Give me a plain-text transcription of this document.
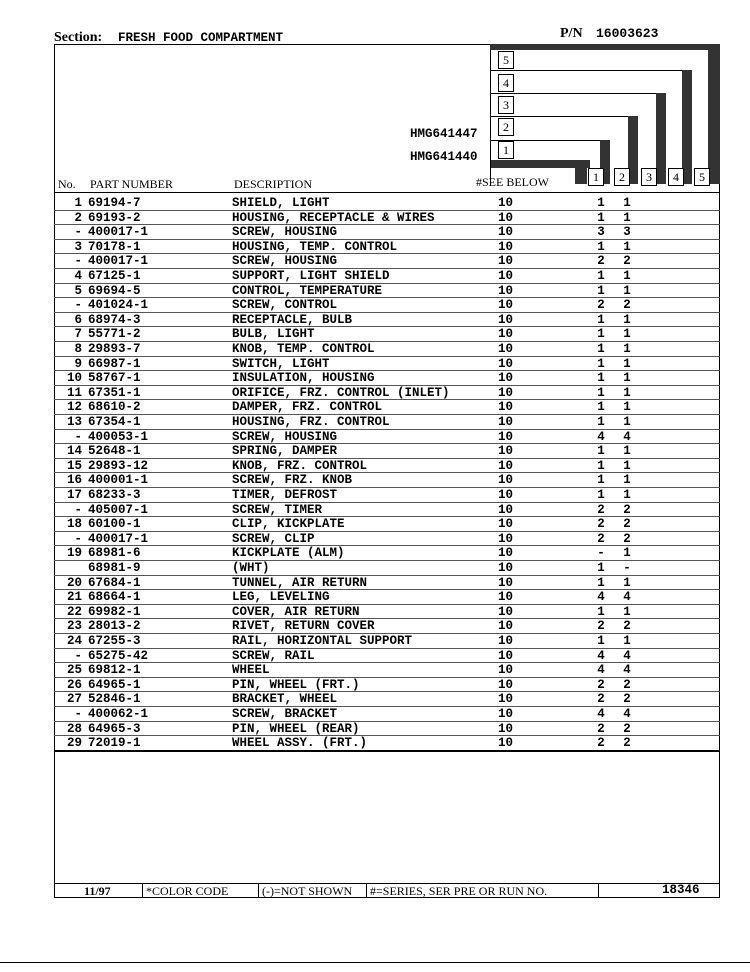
Section: FRESH FOOD COMPARTMENT	P/N 16003623
5
4
3
2
1
1	2	3	4	5
HMG641447
HMG641440
No. PART NUMBER	DESCRIPTION	#SEE BELOW
1 69194-7	SHIELD, LIGHT	10	1 1
2 69193-2	HOUSING, RECEPTACLE & WIRES	10	1 1
- 400017-1	SCREW, HOUSING	10	3 3
3 70178-1	HOUSING, TEMP. CONTROL	10	1 1
- 400017-1	SCREW, HOUSING	10	2 2
4 67125-1	SUPPORT, LIGHT SHIELD	10	1 1
5 69694-5	CONTROL, TEMPERATURE	10	1 1
- 401024-1	SCREW, CONTROL	10	2 2
6 68974-3	RECEPTACLE, BULB	10	1 1
7 55771-2	BULB, LIGHT	10	1 1
8 29893-7	KNOB, TEMP. CONTROL	10	1 1
9 66987-1	SWITCH, LIGHT	10	1 1
10 58767-1	INSULATION, HOUSING	10	1 1
11 67351-1	ORIFICE, FRZ. CONTROL (INLET)	10	1 1
12 68610-2	DAMPER, FRZ. CONTROL	10	1 1
13 67354-1	HOUSING, FRZ. CONTROL	10	1 1
- 400053-1	SCREW, HOUSING	10	4 4
14 52648-1	SPRING, DAMPER	10	1 1
15 29893-12	KNOB, FRZ. CONTROL	10	1 1
16 400001-1	SCREW, FRZ. KNOB	10	1 1
17 68233-3	TIMER, DEFROST	10	1 1
- 405007-1	SCREW, TIMER	10	2 2
18 60100-1	CLIP, KICKPLATE	10	2 2
- 400017-1	SCREW, CLIP	10	2 2
19 68981-6	KICKPLATE (ALM)	10	- 1
68981-9	(WHT)	10	1 -
20 67684-1	TUNNEL, AIR RETURN	10	1 1
21 68664-1	LEG, LEVELING	10	4 4
22 69982-1	COVER, AIR RETURN	10	1 1
23 28013-2	RIVET, RETURN COVER	10	2 2
24 67255-3	RAIL, HORIZONTAL SUPPORT	10	1 1
- 65275-42	SCREW, RAIL	10	4 4
25 69812-1	WHEEL	10	4 4
26 64965-1	PIN, WHEEL (FRT.)	10	2 2
27 52846-1	BRACKET, WHEEL	10	2 2
- 400062-1	SCREW, BRACKET	10	4 4
28 64965-3	PIN, WHEEL (REAR)	10	2 2
29 72019-1	WHEEL ASSY. (FRT.)	10	2 2
11/97	*COLOR CODE	(-)=NOT SHOWN #=SERIES, SER PRE OR RUN NO.	18346
